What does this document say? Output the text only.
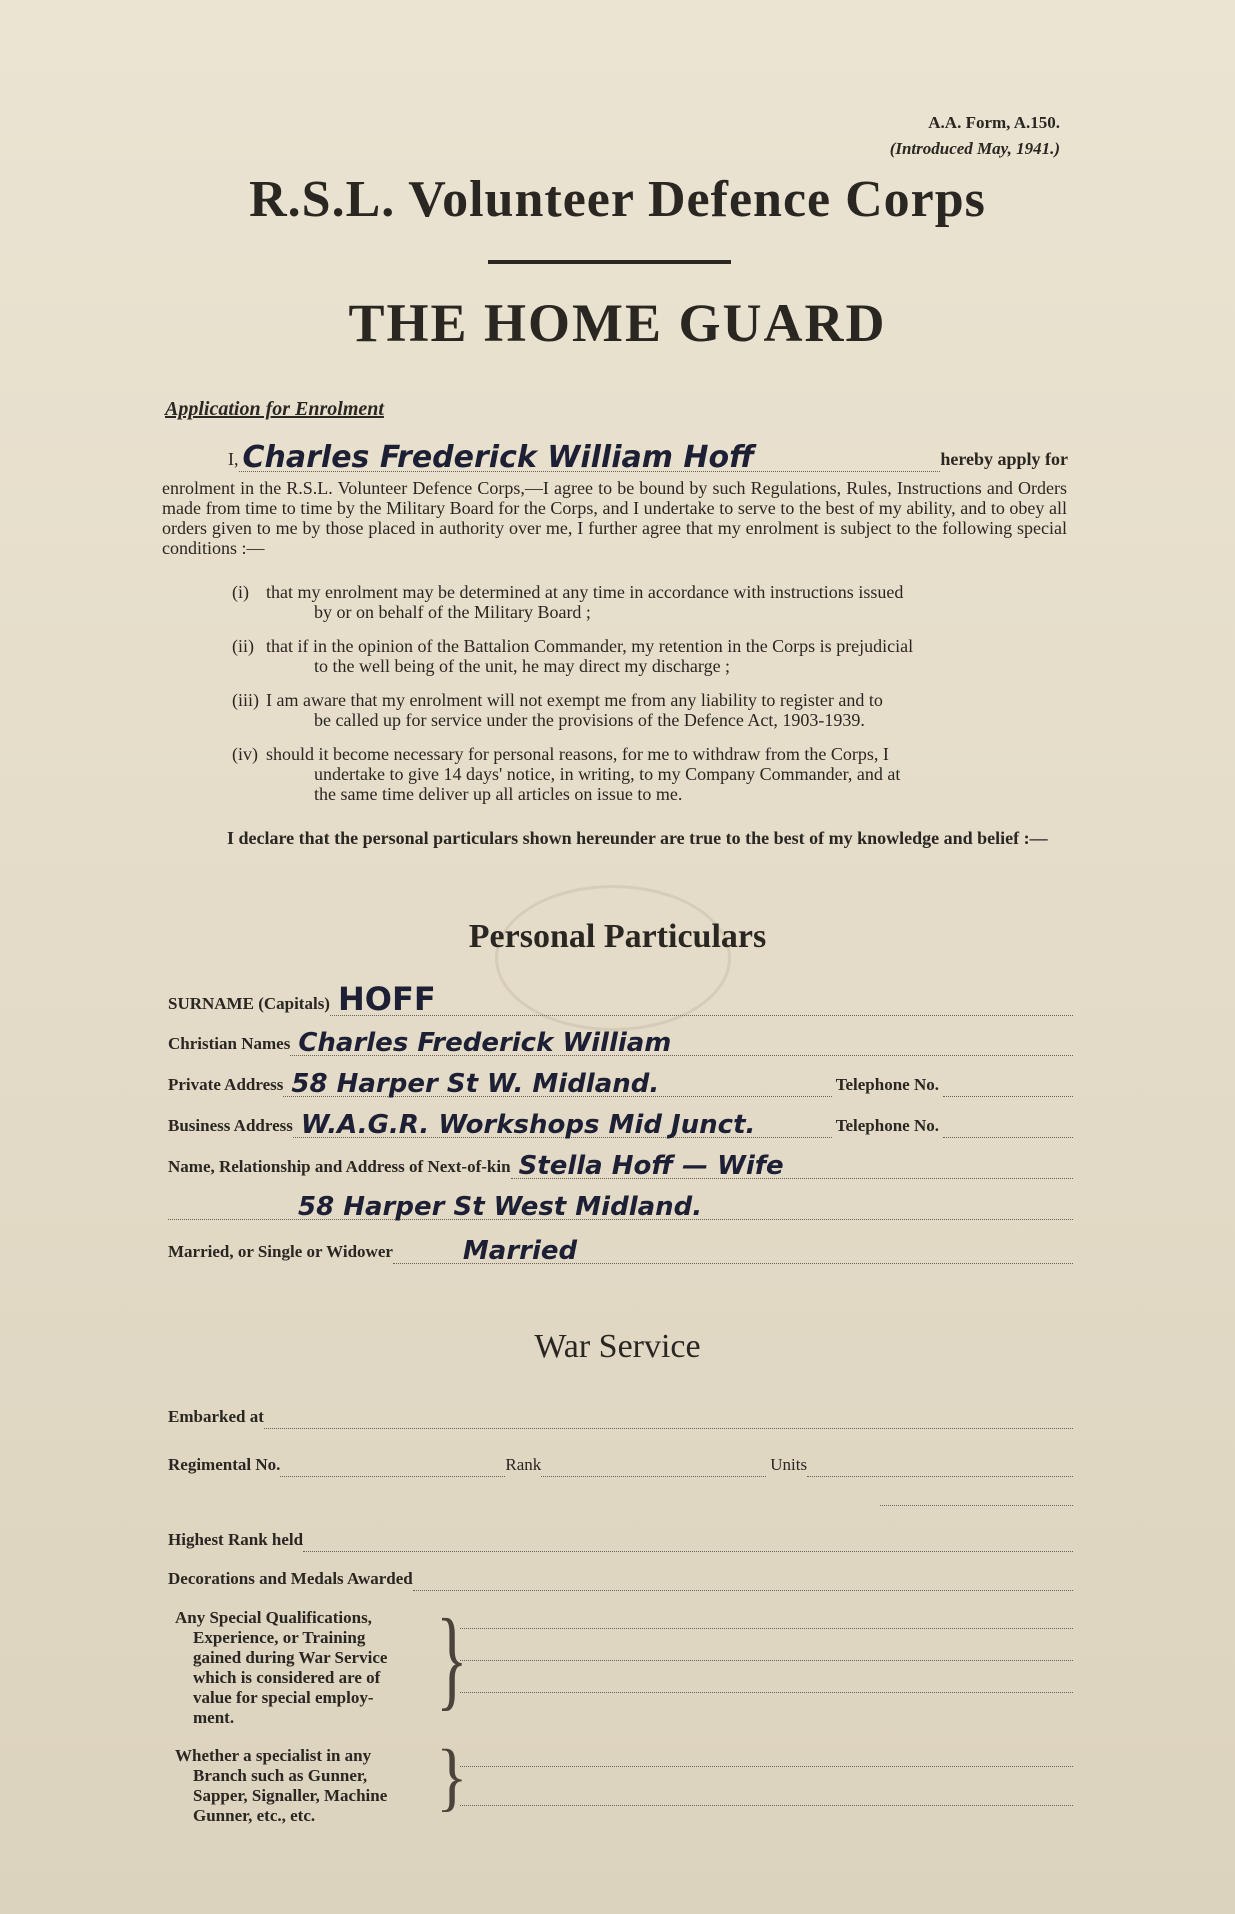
A.A. Form, A.150.
(Introduced May, 1941.)
R.S.L. Volunteer Defence Corps
THE HOME GUARD
Application for Enrolment
I, Charles Frederick William Hoff	hereby apply for
enrolment in the R.S.L. Volunteer Defence Corps,—I agree to be bound by such Regulations, Rules, Instructions and Orders made from time to time by the Military Board for the Corps, and I undertake to serve to the best of my ability, and to obey all orders given to me by those placed in authority over me, I further agree that my enrolment is subject to the following special conditions :—
(i) that my enrolment may be determined at any time in accordance with instructions issued
by or on behalf of the Military Board ;
(ii) that if in the opinion of the Battalion Commander, my retention in the Corps is prejudicial
to the well being of the unit, he may direct my discharge ;
(iii) I am aware that my enrolment will not exempt me from any liability to register and to
be called up for service under the provisions of the Defence Act, 1903-1939.
(iv) should it become necessary for personal reasons, for me to withdraw from the Corps, I
undertake to give 14 days' notice, in writing, to my Company Commander, and at
the same time deliver up all articles on issue to me.
I declare that the personal particulars shown hereunder are true to the best of my knowledge and belief :—
Personal Particulars
SURNAME (Capitals) HOFF
Christian Names Charles Frederick William
Private Address 58 Harper St W. Midland.	Telephone No.
Business Address W.A.G.R. Workshops Mid Junct.	Telephone No.
Name, Relationship and Address of Next-of-kin Stella Hoff — Wife
58 Harper St West Midland.
Married, or Single or Widower	Married
War Service
Embarked at
Regimental No.	Rank	Units
Highest Rank held
Decorations and Medals Awarded
Any Special Qualifications,
Experience, or Training
gained during War Service
which is considered are of
value for special employ-
ment.	}
Whether a specialist in any
Branch such as Gunner,
Sapper, Signaller, Machine
Gunner, etc., etc.	}
